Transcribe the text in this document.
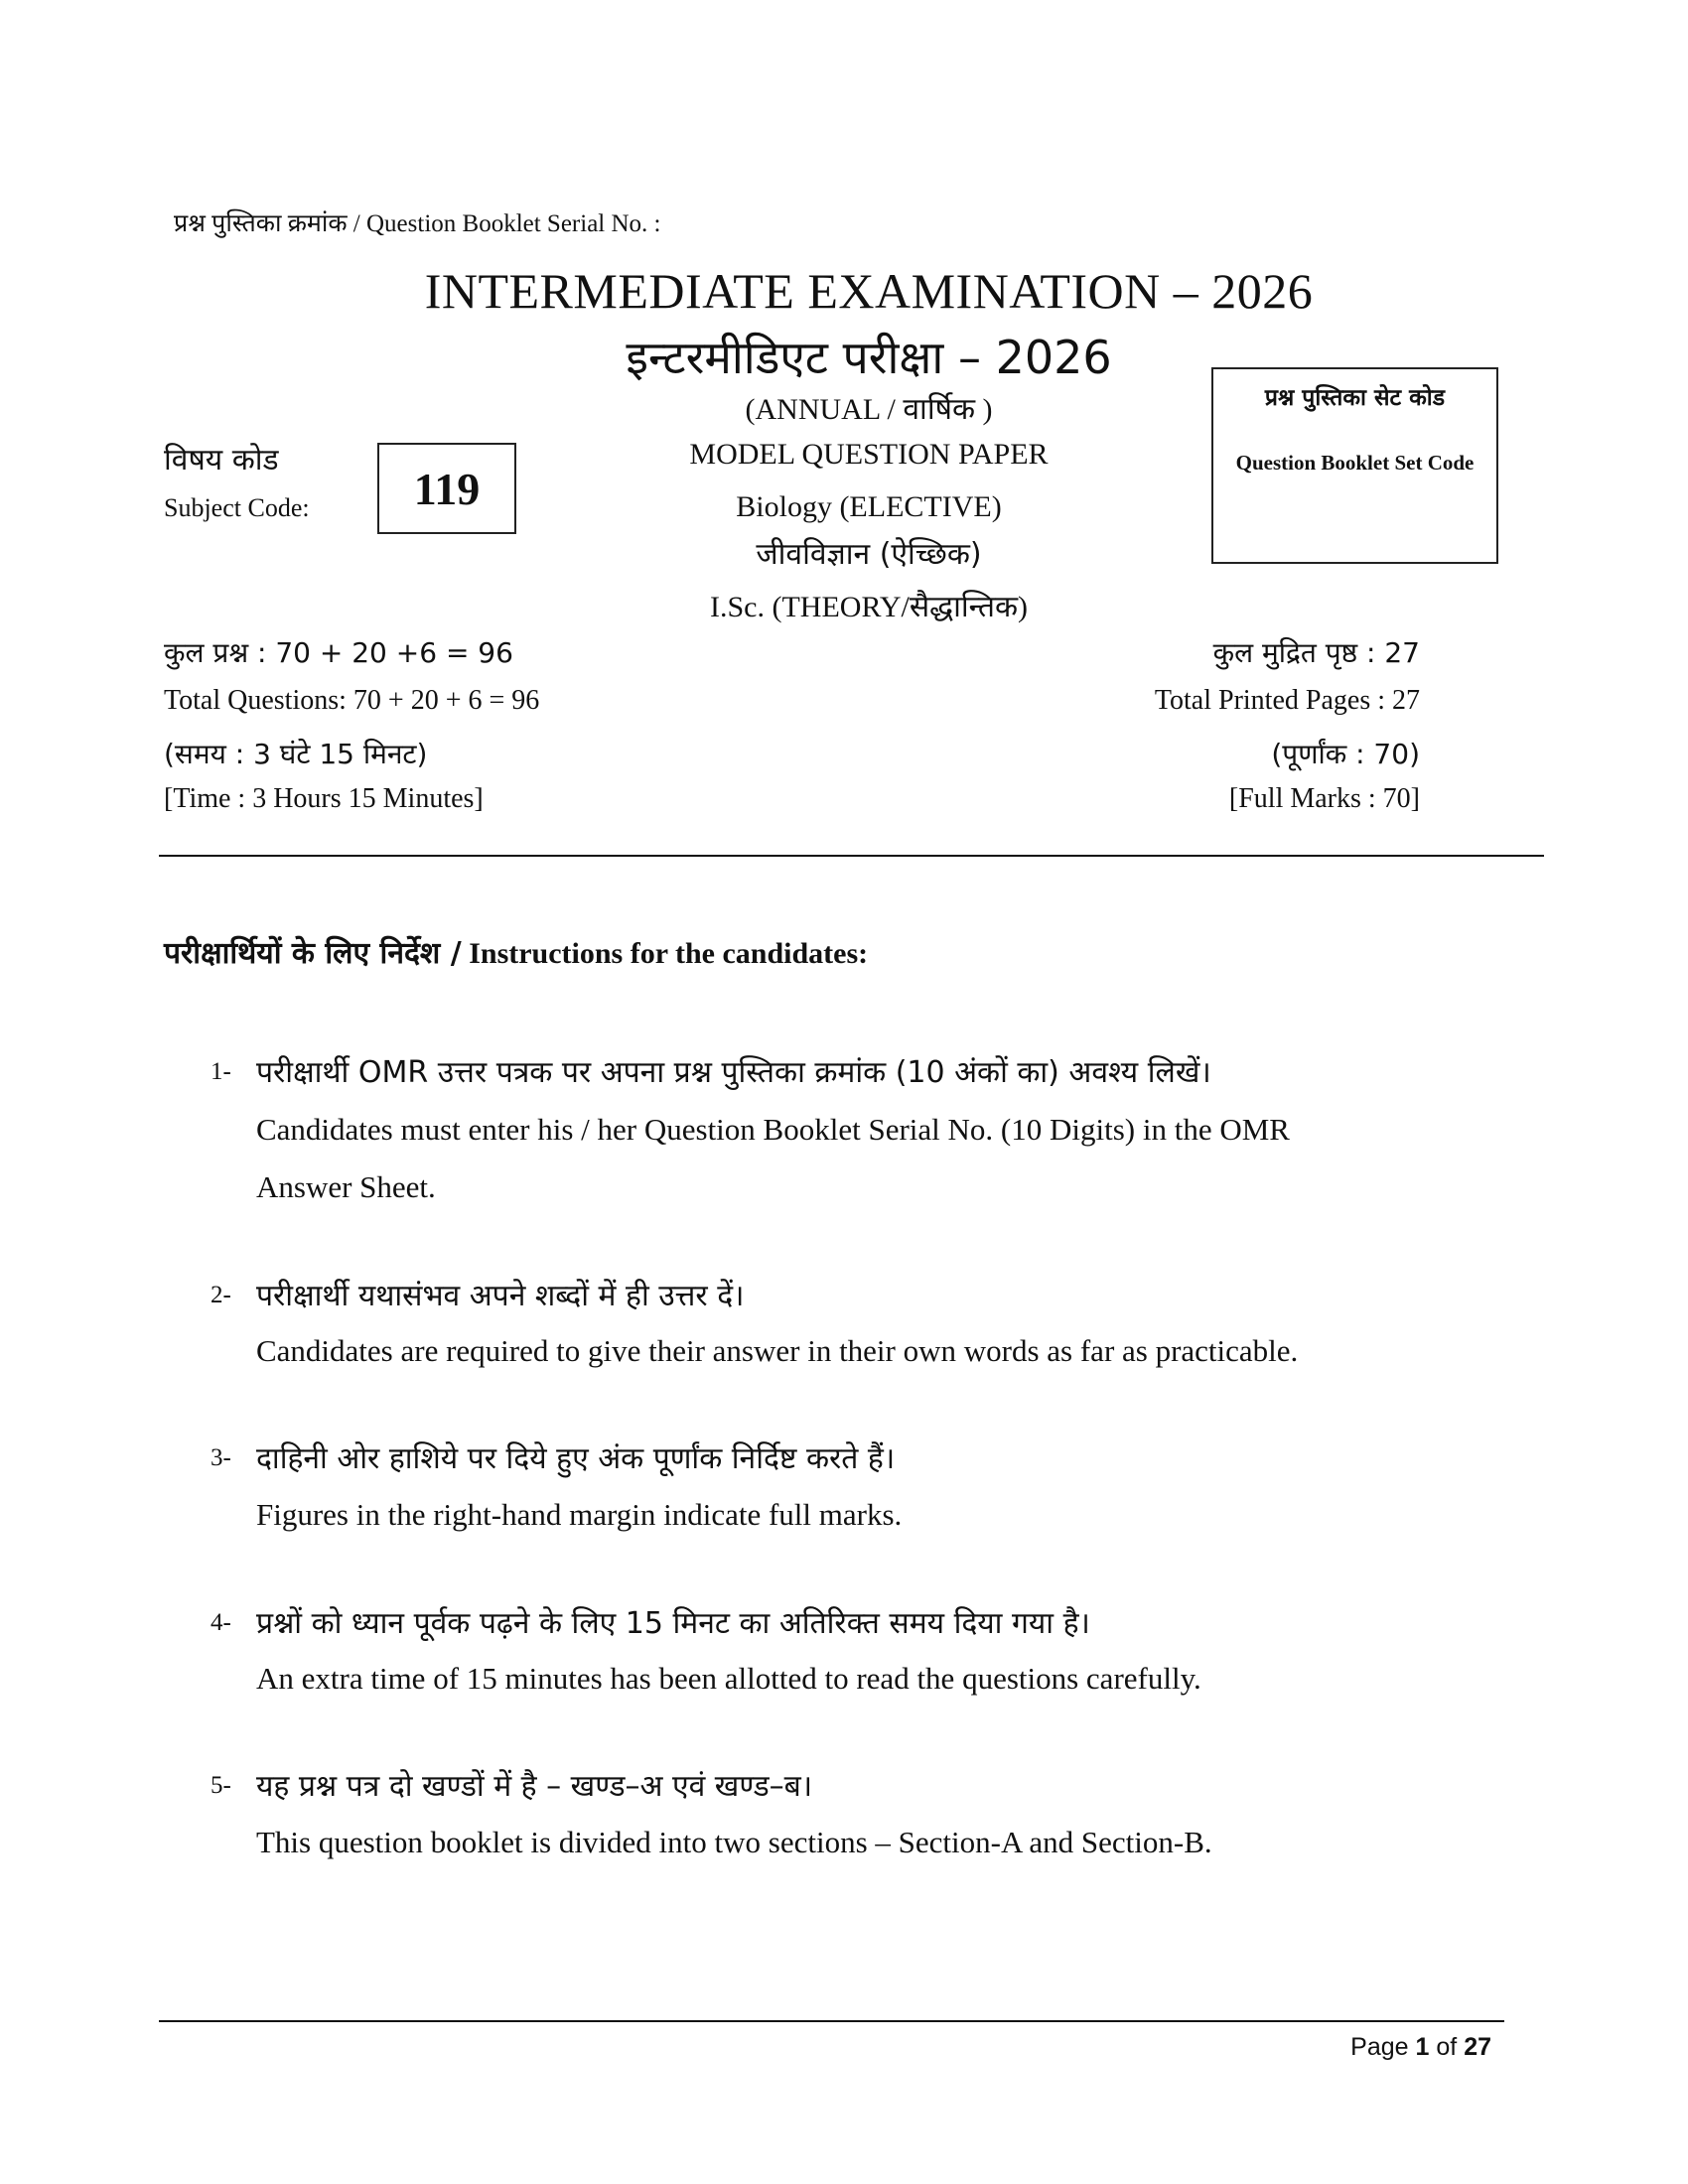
प्रश्न पुस्तिका क्रमांक / Question Booklet Serial No. :
INTERMEDIATE EXAMINATION – 2026
इन्टरमीडिएट परीक्षा – 2026
(ANNUAL / वार्षिक )
MODEL QUESTION PAPER
Biology (ELECTIVE)
जीवविज्ञान (ऐच्छिक)
I.Sc. (THEORY/सैद्धान्तिक)
विषय कोड
Subject Code: 119
प्रश्न पुस्तिका सेट कोड
Question Booklet Set Code
कुल प्रश्न : 70 + 20 +6 = 96
Total Questions: 70 + 20 + 6 = 96
(समय : 3 घंटे 15 मिनट)
[Time : 3 Hours 15 Minutes]
कुल मुद्रित पृष्ठ : 27
Total Printed Pages : 27
(पूर्णांक : 70)
[Full Marks : 70]
परीक्षार्थियों के लिए निर्देश / Instructions for the candidates:
1- परीक्षार्थी OMR उत्तर पत्रक पर अपना प्रश्न पुस्तिका क्रमांक (10 अंकों का) अवश्य लिखें।
Candidates must enter his / her Question Booklet Serial No. (10 Digits) in the OMR
Answer Sheet.
2- परीक्षार्थी यथासंभव अपने शब्दों में ही उत्तर दें।
Candidates are required to give their answer in their own words as far as practicable.
3- दाहिनी ओर हाशिये पर दिये हुए अंक पूर्णांक निर्दिष्ट करते हैं।
Figures in the right-hand margin indicate full marks.
4- प्रश्नों को ध्यान पूर्वक पढ़ने के लिए 15 मिनट का अतिरिक्त समय दिया गया है।
An extra time of 15 minutes has been allotted to read the questions carefully.
5- यह प्रश्न पत्र दो खण्डों में है – खण्ड–अ एवं खण्ड–ब।
This question booklet is divided into two sections – Section-A and Section-B.
Page 1 of 27
